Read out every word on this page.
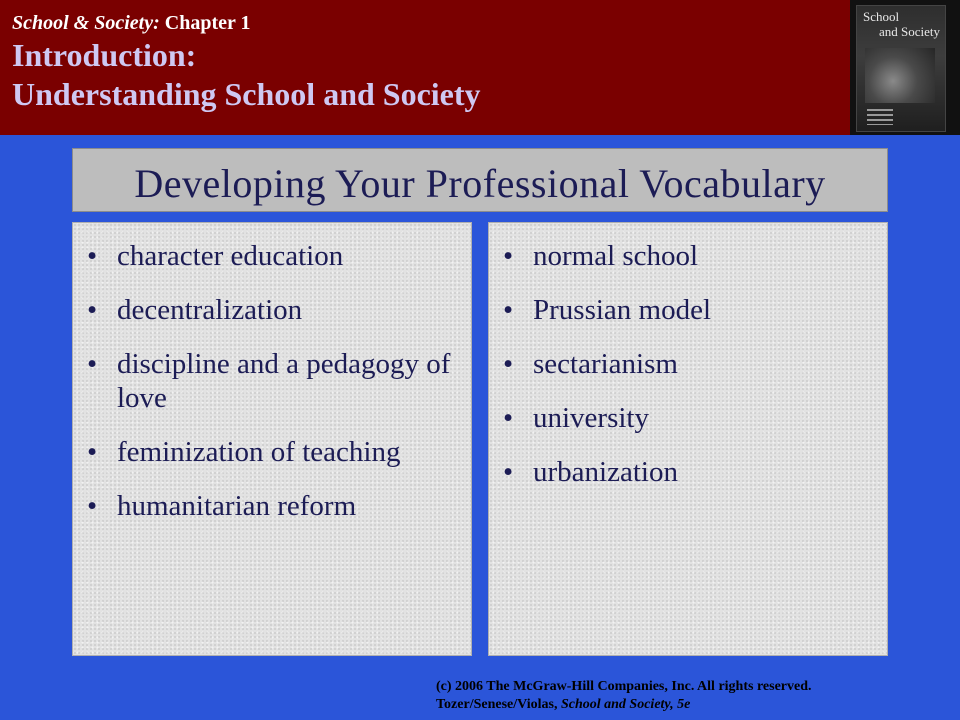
School & Society: Chapter 1
Introduction:
Understanding School and Society
School
and Society
Developing Your Professional Vocabulary
• character education
• decentralization
• discipline and a pedagogy of love
• feminization of teaching
• humanitarian reform
• normal school
• Prussian model
• sectarianism
• university
• urbanization
(c) 2006 The McGraw-Hill Companies, Inc. All rights reserved.
Tozer/Senese/Violas, School and Society, 5e
